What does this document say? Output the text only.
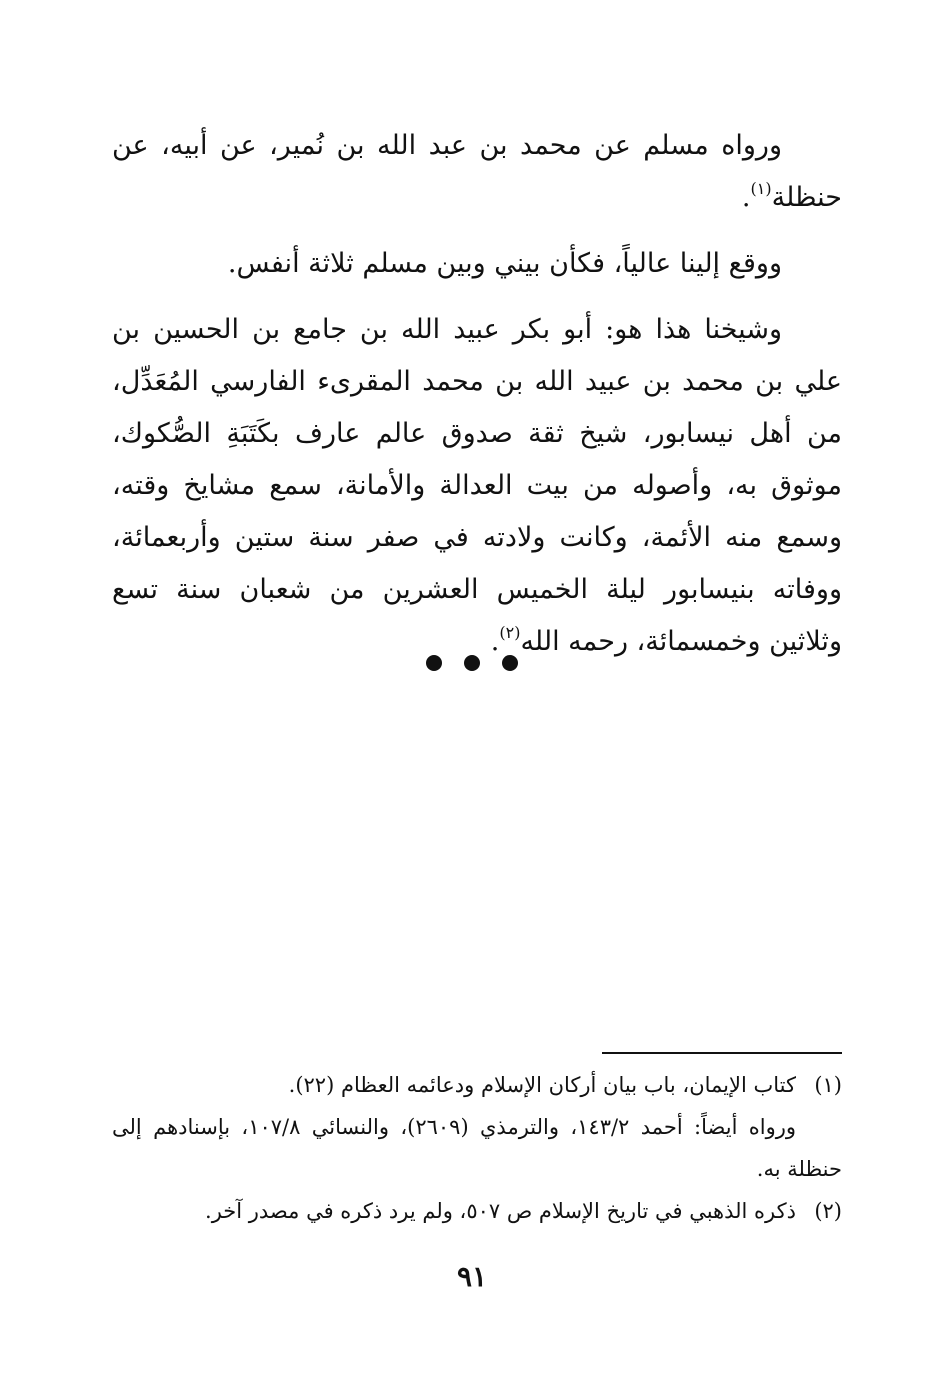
ورواه مسلم عن محمد بن عبد الله بن نُمير، عن أبيه، عن حنظلة$^{(١)}$.

ووقع إلينا عالياً، فكأن بيني وبين مسلم ثلاثة أنفس.

وشيخنا هذا هو: أبو بكر عبيد الله بن جامع بن الحسين بن علي بن محمد بن عبيد الله بن محمد المقرىء الفارسي المُعَدِّل، من أهل نيسابور، شيخ ثقة صدوق عالم عارف بكَتَبَةِ الصُّكوك، موثوق به، وأصوله من بيت العدالة والأمانة، سمع مشايخ وقته، وسمع منه الأئمة، وكانت ولادته في صفر سنة ستين وأربعمائة، ووفاته بنيسابور ليلة الخميس العشرين من شعبان سنة تسع وثلاثين وخمسمائة، رحمه الله$^{(٢)}$.

(١)كتاب الإيمان، باب بيان أركان الإسلام ودعائمه العظام (٢٢).

ورواه أيضاً: أحمد ١٤٣/٢، والترمذي (٢٦٠٩)، والنسائي ١٠٧/٨، بإسنادهم إلى حنظلة به.

(٢)ذكره الذهبي في تاريخ الإسلام ص ٥٠٧، ولم يرد ذكره في مصدر آخر.

٩١
